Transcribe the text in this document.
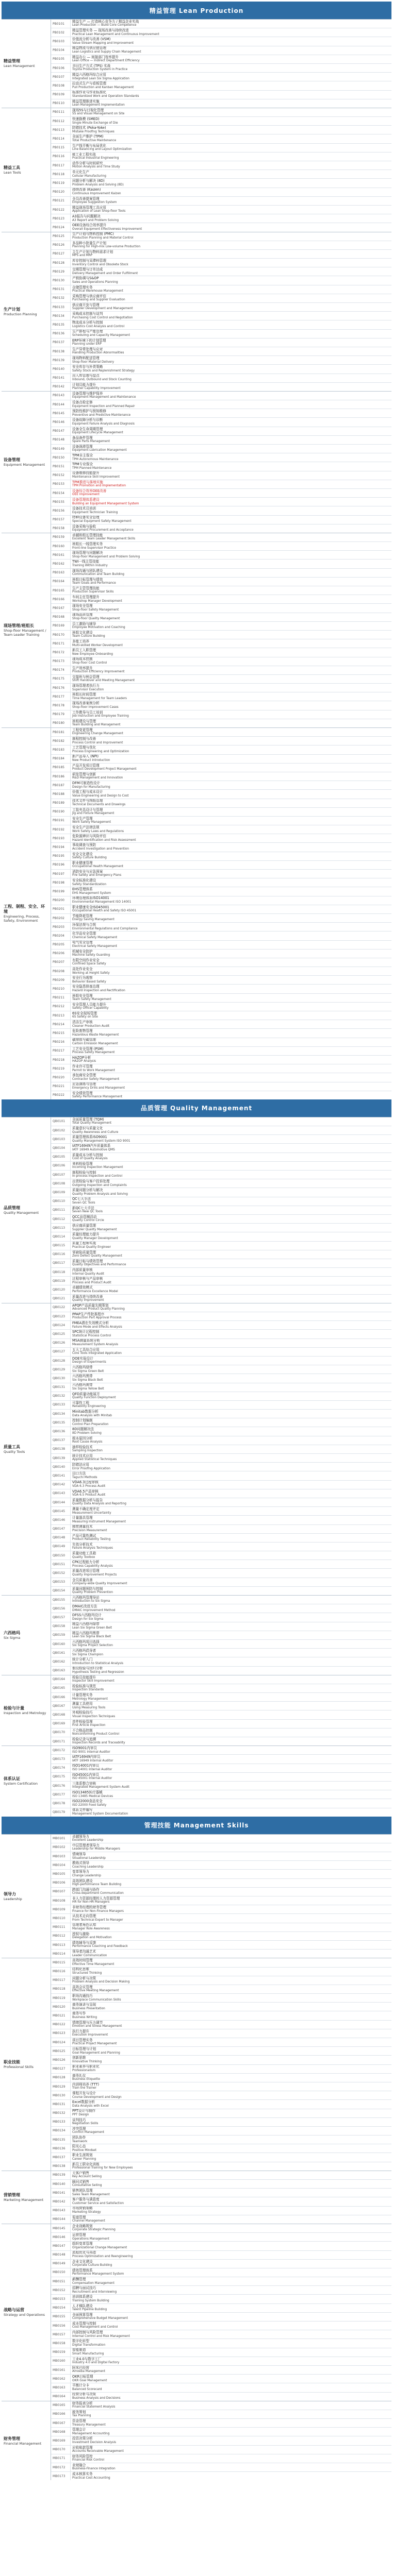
精益管理 Lean Production
精益管理
Lean Management
PB0101
精益生产 — 打造核心竞争力 / 精益企业实战
Lean Production — Build Core Competence
PB0102
精益管理实务 — 现场改善与持续改进
Practical Lean Management and Continuous Improvement
PB0103
价值流分析与改善 (VSM)
Value Stream Mapping and Improvement
PB0104
精益物流与供应链管理
Lean Logistics and Supply Chain Management
PB0105
精益办公 — 间接部门效率提升
Lean Office — Indirect Department Efficiency
PB0106
丰田生产方式 (TPS) 实战
Toyota Production System in Practice
PB0107
精益六西格玛综合应用
Integrated Lean Six Sigma Application
PB0108
拉动式生产与看板管理
Pull Production and Kanban Management
PB0109
标准作业与作业标准化
Standardized Work and Operation Standards
PB0110
精益管理推进实施
Lean Management Implementation
精益工具
Lean Tools
PB0111
现场5S与目视化管理
5S and Visual Management on Site
PB0112
快速换模 (SMED)
Single Minute Exchange of Die
PB0113
防错技术 (Poka-Yoke)
Mistake Proofing Techniques
PB0114
全面生产维护 (TPM)
Total Productive Maintenance
PB0115
生产线平衡与布局优化
Line Balancing and Layout Optimization
PB0116
IE工业工程实战
Practical Industrial Engineering
PB0117
动作分析与时间研究
Motion Analysis and Time Study
PB0118
单元化生产
Cellular Manufacturing
PB0119
问题分析与解决 (8D)
Problem Analysis and Solving (8D)
PB0120
持续改善 (Kaizen)
Continuous Improvement Kaizen
PB0121
全员改善提案管理
Employee Suggestion System
PB0122
精益现场管理工具应用
Application of Lean Shop-floor Tools
PB0123
A3报告与问题解决
A3 Report and Problem Solving
PB0124
OEE设备综合效率提升
Overall Equipment Effectiveness Improvement
生产计划
Production Planning
PB0125
生产计划与物料控制 (PMC)
Production Planning and Material Control
PB0126
多品种小批量生产计划
Planning for High-mix Low-volume Production
PB0127
主生产计划与物料需求计划
MPS and MRP
PB0128
库存控制与呆滞料管理
Inventory Control and Obsolete Stock
PB0129
交期管理与订单达成
Delivery Management and Order Fulfillment
PB0130
产销协调与S&OP
Sales and Operations Planning
PB0131
仓储管理实务
Practical Warehouse Management
PB0132
采购管理与供应商评估
Purchasing and Supplier Evaluation
PB0133
供应商开发与管理
Supplier Development and Management
PB0134
采购成本控制与谈判
Purchasing Cost Control and Negotiation
PB0135
物流成本分析与控制
Logistics Cost Analysis and Control
PB0136
生产排程与产能管理
Scheduling and Capacity Management
PB0137
ERP环境下的计划管理
Planning under ERP
PB0138
生产异常处理与应对
Handling Production Abnormalities
PB0139
现场物料配送管理
Shop-floor Material Delivery
PB0140
安全库存与补货策略
Safety Stock and Replenishment Strategy
PB0141
出入库管理与盘点
Inbound, Outbound and Stock Counting
PB0142
计划员能力提升
Planner Capability Improvement
设备管理
Equipment Management
PB0143
设备管理与维护保养
Equipment Management and Maintenance
PB0144
设备点检定修
Equipment Inspection and Planned Repair
PB0145
预防性维护与预知维修
Preventive and Predictive Maintenance
PB0146
设备故障分析与诊断
Equipment Failure Analysis and Diagnosis
PB0147
设备全生命周期管理
Equipment Lifecycle Management
PB0148
备品备件管理
Spare Parts Management
PB0149
设备润滑管理
Equipment Lubrication Management
PB0150
TPM自主保全
TPM Autonomous Maintenance
PB0151
TPM专业保全
TPM Planned Maintenance
PB0152
设备维修技能提升
Maintenance Skill Improvement
PB0153
TPM推进与落地实施
TPM Promotion and Implementation
PB0154
设备综合效率OEE改善
OEE Improvement
PB0155
设备管理体系建设
Building an Equipment Management System
PB0156
设备技术员培训
Equipment Technician Training
PB0157
特种设备安全管理
Special Equipment Safety Management
PB0158
设备采购与验收
Equipment Procurement and Acceptance
现场管理/班组长
Shop-floor Management / Team Leader Training
PB0159
卓越班组长管理技能
Excellent Team Leader Management Skills
PB0160
班组长一线管理实务
Front-line Supervisor Practice
PB0161
现场管理与问题解决
Shop-floor Management and Problem Solving
PB0162
TWI一线主管技能
Training Within Industry
PB0163
现场沟通与团队建设
Communication and Team Building
PB0164
班组目标管理与绩效
Team Goals and Performance
PB0165
生产主管管理技能
Production Supervisor Skills
PB0166
车间主任管理提升
Workshop Manager Development
PB0167
现场安全管理
Shop-floor Safety Management
PB0168
现场品质管理
Shop-floor Quality Management
PB0169
员工激励与辅导
Employee Motivation and Coaching
PB0170
班组文化建设
Team Culture Building
PB0171
多能工培养
Multi-skilled Worker Development
PB0172
新员工入职管理
New Employee Onboarding
PB0173
现场成本控制
Shop-floor Cost Control
PB0174
生产效率提升
Production Efficiency Improvement
PB0175
交接班与例会管理
Shift Handover and Meeting Management
PB0176
现场管理者执行力
Supervisor Execution
PB0177
班组长时间管理
Time Management for Team Leaders
PB0178
现场改善案例分析
Shop-floor Improvement Cases
PB0179
工作教导与员工培训
Job Instruction and Employee Training
PB0180
班组建设与管理
Team Building and Management
工程、制程、安全、环境
Engineering, Process, Safety, Environment
PB0181
工程变更管理
Engineering Change Management
PB0182
制程控制与改善
Process Control and Improvement
PB0183
工艺管理与优化
Process Engineering and Optimization
PB0184
新产品导入 (NPI)
New Product Introduction
PB0185
产品开发项目管理
Product Development Project Management
PB0186
研发管理与创新
R&D Management and Innovation
PB0187
DFM可制造性设计
Design for Manufacturing
PB0188
价值工程与成本设计
Value Engineering and Design to Cost
PB0189
技术文件与图纸管理
Technical Documents and Drawings
PB0190
工装夹具设计与管理
Jig and Fixture Management
PB0191
安全生产管理
Work Safety Management
PB0192
安全生产法律法规
Work Safety Laws and Regulations
PB0193
危险源辨识与风险评估
Hazard Identification and Risk Assessment
PB0194
事故调查与预防
Accident Investigation and Prevention
PB0195
安全文化建设
Safety Culture Building
PB0196
职业健康管理
Occupational Health Management
PB0197
消防安全与应急预案
Fire Safety and Emergency Plans
PB0198
安全标准化建设
Safety Standardization
PB0199
EHS管理体系
EHS Management System
PB0200
环境管理体系ISO14001
Environmental Management ISO 14001
PB0201
职业健康安全ISO45001
Occupational Health and Safety ISO 45001
PB0202
节能降耗管理
Energy Saving Management
PB0203
环保法规与合规
Environmental Regulations and Compliance
PB0204
化学品安全管理
Chemical Safety Management
PB0205
电气安全管理
Electrical Safety Management
PB0206
机械安全防护
Machine Safety Guarding
PB0207
有限空间作业安全
Confined Space Safety
PB0208
高处作业安全
Working at Height Safety
PB0209
安全行为观察
Behavior Based Safety
PB0210
安全隐患排查治理
Hazard Inspection and Rectification
PB0211
班组安全管理
Team Safety Management
PB0212
安全管理人员能力提升
Safety Officer Capability
PB0213
6S安全现场管理
6S Safety on Site
PB0214
清洁生产审核
Cleaner Production Audit
PB0215
危险废物管理
Hazardous Waste Management
PB0216
碳排放与碳管理
Carbon Emission Management
PB0217
工艺安全管理 (PSM)
Process Safety Management
PB0218
HAZOP分析
HAZOP Analysis
PB0219
作业许可管理
Permit to Work Management
PB0220
承包商安全管理
Contractor Safety Management
PB0221
应急演练与管理
Emergency Drills and Management
PB0222
安全绩效管理
Safety Performance Management
品质管理 Quality Management
品质管理
Quality Management
QB0101
全面质量管理 (TQM)
Total Quality Management
QB0102
质量意识与质量文化
Quality Awareness and Culture
QB0103
质量管理体系ISO9001
Quality Management System ISO 9001
QB0104
IATF16949汽车质量体系
IATF 16949 Automotive QMS
QB0105
质量成本分析与控制
Cost of Quality Analysis
QB0106
来料检验管理
Incoming Inspection Management
QB0107
制程检验与控制
In-process Inspection and Control
QB0108
出货检验与客户投诉处理
Outgoing Inspection and Complaints
QB0109
质量问题分析与解决
Quality Problem Analysis and Solving
QB0110
QC七大手法
Seven QC Tools
QB0111
新QC七大手法
Seven New QC Tools
QB0112
QCC品管圈活动
Quality Control Circle
QB0113
供应商质量管理
Supplier Quality Management
QB0114
质量经理能力提升
Quality Manager Development
QB0115
质量工程师实战
Practical Quality Engineer
QB0116
零缺陷质量管理
Zero Defect Quality Management
QB0117
质量目标与绩效管理
Quality Objectives and Performance
QB0118
内部质量审核
Internal Quality Audit
QB0119
过程审核与产品审核
Process and Product Audit
QB0120
卓越绩效模式
Performance Excellence Model
QB0121
质量改进与持续改善
Quality Improvement
质量工具
Quality Tools
QB0122
APQP产品质量先期策划
Advanced Product Quality Planning
QB0123
PPAP生产件批准程序
Production Part Approval Process
QB0124
FMEA潜在失效模式分析
Failure Mode and Effects Analysis
QB0125
SPC统计过程控制
Statistical Process Control
QB0126
MSA测量系统分析
Measurement System Analysis
QB0127
五大工具综合应用
Core Tools Integrated Application
QB0128
DOE实验设计
Design of Experiments
QB0129
六西格玛绿带
Six Sigma Green Belt
QB0130
六西格玛黑带
Six Sigma Black Belt
QB0131
六西格玛黄带
Six Sigma Yellow Belt
QB0132
QFD质量功能展开
Quality Function Deployment
QB0133
可靠性工程
Reliability Engineering
QB0134
Minitab数据分析
Data Analysis with Minitab
QB0135
控制计划编制
Control Plan Preparation
QB0136
8D问题解决法
8D Problem Solving
QB0137
根本原因分析
Root Cause Analysis
QB0138
抽样检验技术
Sampling Inspection
QB0139
统计技术应用
Applied Statistical Techniques
QB0140
防错法应用
Error Proofing Application
QB0141
田口方法
Taguchi Methods
QB0142
VDA6.3过程审核
VDA 6.3 Process Audit
QB0143
VDA6.5产品审核
VDA 6.5 Product Audit
QB0144
质量数据分析与报告
Quality Data Analysis and Reporting
QB0145
测量不确定度评定
Measurement Uncertainty
QB0146
计量器具管理
Measuring Instrument Management
QB0147
精密测量技术
Precision Measurement
QB0148
产品可靠性测试
Product Reliability Testing
QB0149
失效分析技术
Failure Analysis Techniques
QB0150
质量功能工具箱
Quality Toolbox
QB0151
CPK过程能力分析
Process Capability Analysis
QB0152
质量改进项目管理
Quality Improvement Projects
QB0153
全员质量改善
Company-wide Quality Improvement
QB0154
质量问题预防与控制
Quality Problem Prevention
六西格玛
Six Sigma
QB0155
六西格玛管理导论
Introduction to Six Sigma
QB0156
DMAIC改进方法
DMAIC Improvement Method
QB0157
DFSS六西格玛设计
Design for Six Sigma
QB0158
精益六西格玛绿带
Lean Six Sigma Green Belt
QB0159
精益六西格玛黑带
Lean Six Sigma Black Belt
QB0160
六西格玛项目选择
Six Sigma Project Selection
QB0161
六西格玛倡导者
Six Sigma Champion
QB0162
统计分析入门
Introduction to Statistical Analysis
QB0163
假设检验与回归分析
Hypothesis Testing and Regression
检验与计量
Inspection and Metrology
QB0164
检验员技能提升
Inspector Skill Improvement
QB0165
检验标准与规范
Inspection Standards
QB0166
计量管理实务
Metrology Management
QB0167
测量工具使用
Using Measuring Tools
QB0168
外观检验技巧
Visual Inspection Techniques
QB0169
首件检验管理
First Article Inspection
QB0170
不合格品控制
Nonconforming Product Control
QB0171
检验记录与追溯
Inspection Records and Traceability
体系认证
System Certification
QB0172
ISO9001内审员
ISO 9001 Internal Auditor
QB0173
IATF16949内审员
IATF 16949 Internal Auditor
QB0174
ISO14001内审员
ISO 14001 Internal Auditor
QB0175
ISO45001内审员
ISO 45001 Internal Auditor
QB0176
三体系整合审核
Integrated Management System Audit
QB0177
ISO13485医疗器械
ISO 13485 Medical Devices
QB0178
ISO22000食品安全
ISO 22000 Food Safety
QB0179
体系文件编写
Management System Documentation
管理技能 Management Skills
领导力
Leadership
MB0101
卓越领导力
Excellent Leadership
MB0102
中层管理者领导力
Leadership for Middle Managers
MB0103
情境领导
Situational Leadership
MB0104
教练式领导
Coaching Leadership
MB0105
变革领导力
Change Leadership
MB0106
高效团队建设
High-performance Team Building
MB0107
跨部门沟通与协作
Cross-department Communication
MB0108
非人力资源经理的人力资源管理
HR for Non-HR Managers
MB0109
非财务经理的财务管理
Finance for Non-Finance Managers
MB0110
从技术走向管理
From Technical Expert to Manager
MB0111
管理者角色认知
Manager Role Awareness
MB0112
授权与激励
Delegation and Motivation
MB0113
绩效辅导与反馈
Performance Coaching and Feedback
MB0114
领导者沟通艺术
Leader Communication
职业技能
Professional Skills
MB0115
高效时间管理
Effective Time Management
MB0116
结构化思维
Structured Thinking
MB0117
问题分析与决策
Problem Analysis and Decision Making
MB0118
高效会议管理
Effective Meeting Management
MB0119
职场沟通技巧
Workplace Communication Skills
MB0120
商务演讲与呈现
Business Presentation
MB0121
商务写作
Business Writing
MB0122
情绪管理与压力调节
Emotion and Stress Management
MB0123
执行力提升
Execution Improvement
MB0124
项目管理实务
Practical Project Management
MB0125
目标管理与计划
Goal Management and Planning
MB0126
创新思维
Innovative Thinking
MB0127
职业素养与职业化
Professionalism
MB0128
商务礼仪
Business Etiquette
MB0129
内训师培养 (TTT)
Train the Trainer
MB0130
课程开发与设计
Course Development and Design
MB0131
Excel数据分析
Data Analysis with Excel
MB0132
PPT设计与制作
PPT Design
MB0133
谈判技巧
Negotiation Skills
MB0134
冲突管理
Conflict Management
MB0135
团队协作
Teamwork
MB0136
阳光心态
Positive Mindset
MB0137
职业生涯规划
Career Planning
MB0138
新员工职业化训练
Professional Training for New Employees
营销管理
Marketing Management
MB0139
大客户销售
Key Account Selling
MB0140
顾问式销售
Consultative Selling
MB0141
销售团队管理
Sales Team Management
MB0142
客户服务与满意度
Customer Service and Satisfaction
MB0143
市场营销策略
Marketing Strategy
MB0144
渠道管理
Channel Management
战略与运营
Strategy and Operations
MB0145
企业战略规划
Corporate Strategic Planning
MB0146
运营管理
Operations Management
MB0147
组织变革管理
Organizational Change Management
MB0148
流程优化与再造
Process Optimization and Reengineering
MB0149
企业文化建设
Corporate Culture Building
MB0150
绩效管理体系
Performance Management System
MB0151
薪酬管理
Compensation Management
MB0152
招聘与面试技巧
Recruitment and Interviewing
MB0153
培训体系建设
Training System Building
MB0154
人才梯队建设
Talent Pipeline Building
MB0155
全面预算管理
Comprehensive Budget Management
MB0156
成本管理与控制
Cost Management and Control
MB0157
内部控制与风险管理
Internal Control and Risk Management
MB0158
数字化转型
Digital Transformation
MB0159
智能制造
Smart Manufacturing
MB0160
工业4.0与数字工厂
Industry 4.0 and Digital Factory
MB0161
阿米巴经营
Amoeba Management
MB0162
OKR目标管理
OKR Goal Management
MB0163
平衡计分卡
Balanced Scorecard
MB0164
经营分析与决策
Business Analysis and Decisions
财务管理
Financial Management
MB0165
财务报表分析
Financial Statement Analysis
MB0166
税务筹划
Tax Planning
MB0167
资金管理
Treasury Management
MB0168
管理会计
Management Accounting
MB0169
投资决策分析
Investment Decision Analysis
MB0170
应收账款管理
Accounts Receivable Management
MB0171
财务风险管控
Financial Risk Control
MB0172
业财融合
Business-Finance Integration
MB0173
成本核算实务
Practical Cost Accounting
